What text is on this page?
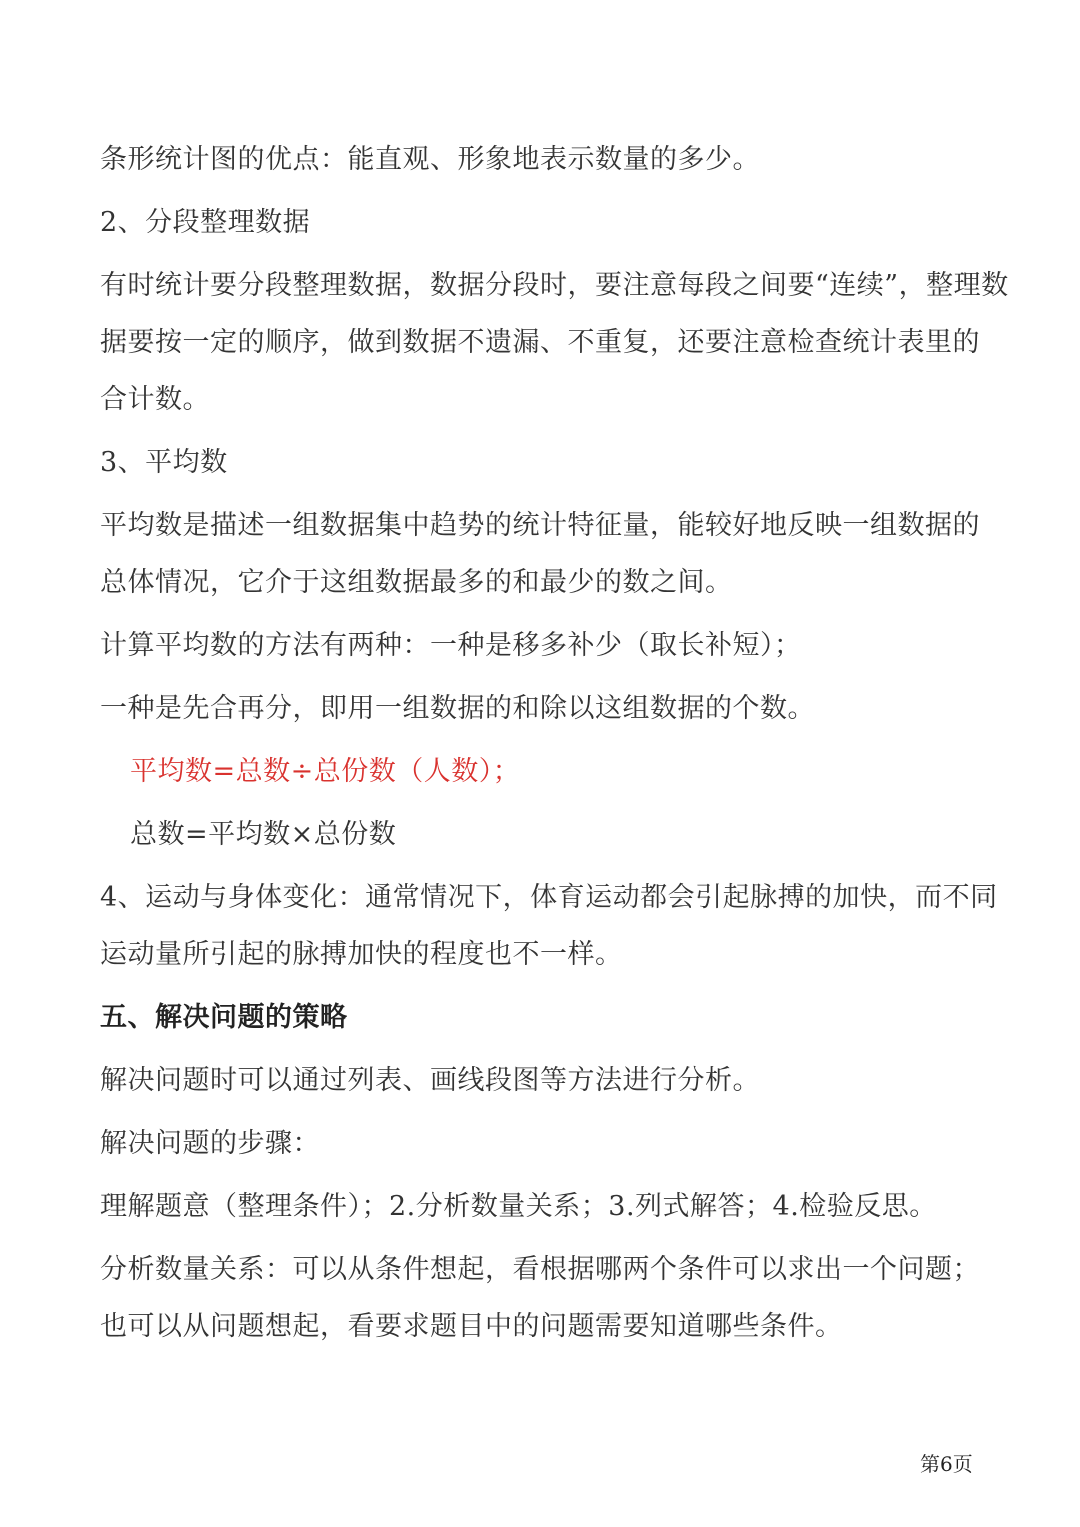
条形统计图的优点：能直观、形象地表示数量的多少。
2、分段整理数据
有时统计要分段整理数据，数据分段时，要注意每段之间要“连续”，整理数
据要按一定的顺序，做到数据不遗漏、不重复，还要注意检查统计表里的
合计数。
3、平均数
平均数是描述一组数据集中趋势的统计特征量，能较好地反映一组数据的
总体情况，它介于这组数据最多的和最少的数之间。
计算平均数的方法有两种：一种是移多补少（取长补短）；
一种是先合再分，即用一组数据的和除以这组数据的个数。
平均数=总数÷总份数（人数）；
总数=平均数×总份数
4、运动与身体变化：通常情况下，体育运动都会引起脉搏的加快，而不同
运动量所引起的脉搏加快的程度也不一样。
五、解决问题的策略
解决问题时可以通过列表、画线段图等方法进行分析。
解决问题的步骤：
理解题意（整理条件）；2.分析数量关系；3.列式解答；4.检验反思。
分析数量关系：可以从条件想起，看根据哪两个条件可以求出一个问题；
也可以从问题想起，看要求题目中的问题需要知道哪些条件。
第6页
